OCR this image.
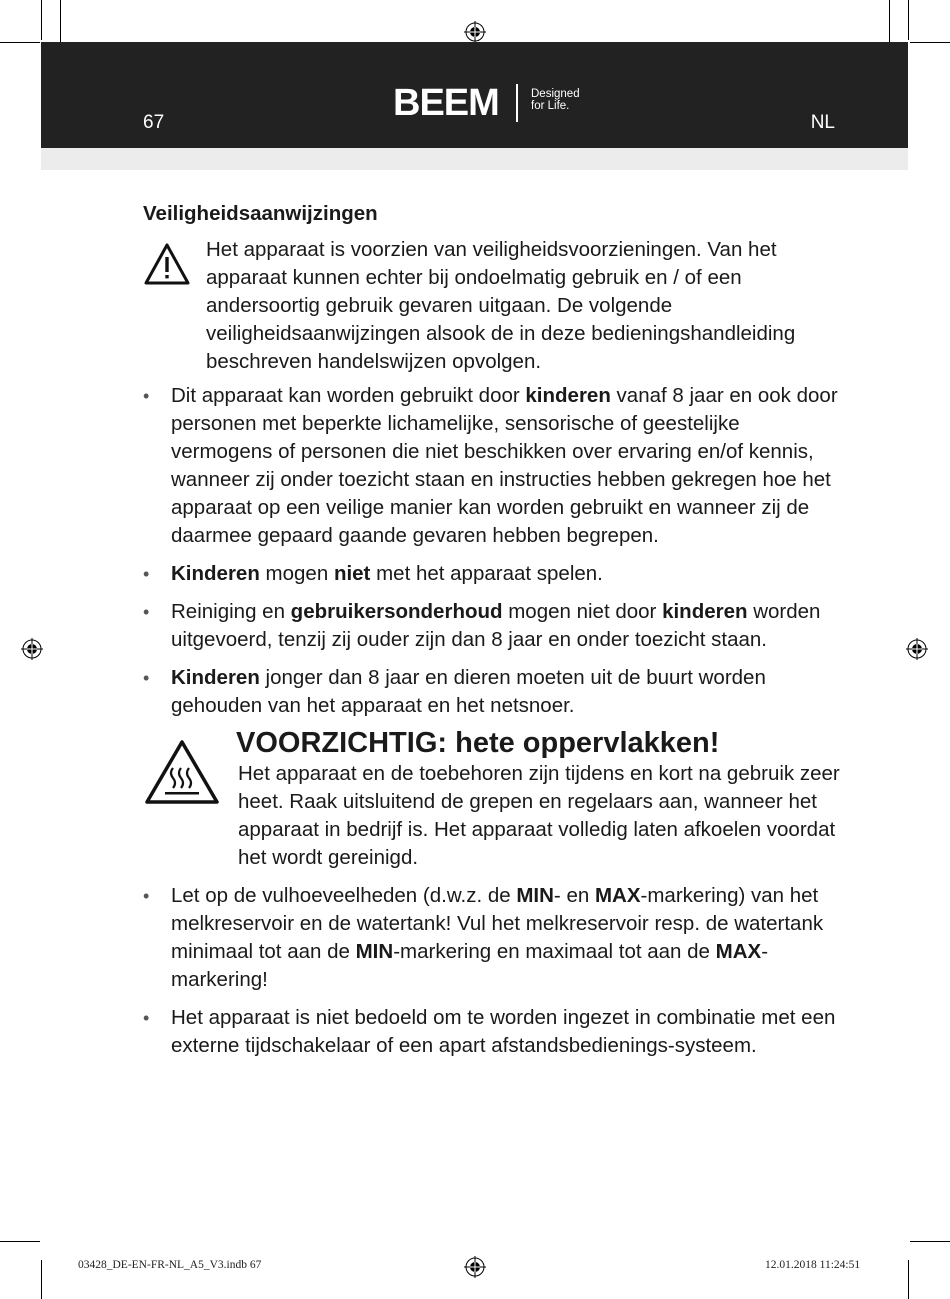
67	BEEM	Designed
for Life.
NL
Veiligheidsaanwijzingen
Het apparaat is voorzien van veiligheidsvoorzieningen. Van het apparaat kunnen echter bij ondoelmatig gebruik en / of een andersoortig gebruik gevaren uitgaan. De volgende veiligheidsaanwijzingen alsook de in deze bedieningshandleiding beschreven handelswijzen opvolgen.
• Dit apparaat kan worden gebruikt door kinderen vanaf 8 jaar en ook door personen met beperkte lichamelijke, sensorische of geestelijke vermogens of personen die niet beschikken over ervaring en/of kennis, wanneer zij onder toezicht staan en instructies hebben gekregen hoe het apparaat op een veilige manier kan worden gebruikt en wanneer zij de daarmee gepaard gaande gevaren hebben begrepen.
• Kinderen mogen niet met het apparaat spelen.
• Reiniging en gebruikersonderhoud mogen niet door kinderen worden uitgevoerd, tenzij zij ouder zijn dan 8 jaar en onder toezicht staan.
• Kinderen jonger dan 8 jaar en dieren moeten uit de buurt worden gehouden van het apparaat en het netsnoer.
VOORZICHTIG: hete oppervlakken!
Het apparaat en de toebehoren zijn tijdens en kort na gebruik zeer heet. Raak uitsluitend de grepen en regelaars aan, wanneer het apparaat in bedrijf is. Het apparaat volledig laten afkoelen voordat het wordt gereinigd.
• Let op de vulhoeveelheden (d.w.z. de MIN- en MAX-markering) van het melkreservoir en de watertank! Vul het melkreservoir resp. de watertank minimaal tot aan de MIN-markering en maximaal tot aan de MAX-markering!
• Het apparaat is niet bedoeld om te worden ingezet in combinatie met een externe tijdschakelaar of een apart afstandsbedienings-systeem.
03428_DE-EN-FR-NL_A5_V3.indb 67	12.01.2018 11:24:51
